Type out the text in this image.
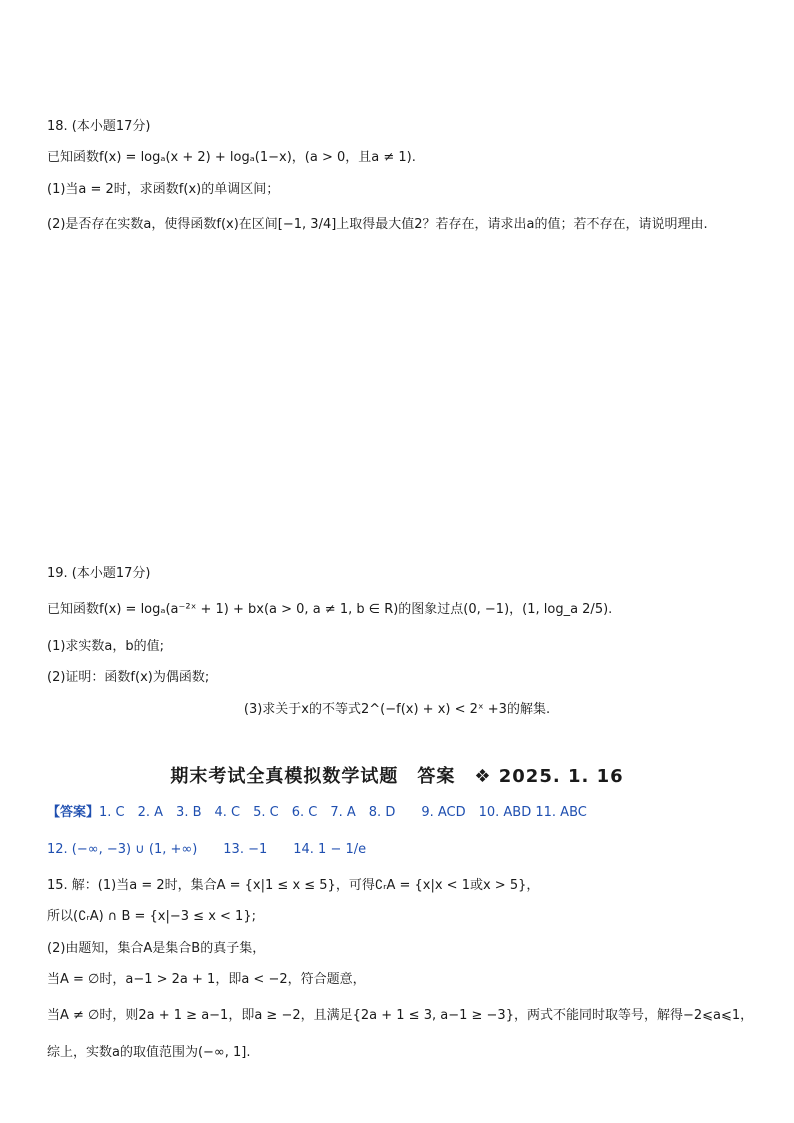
18. (本小题17分)
已知函数f(x) = logₐ(x + 2) + logₐ(1−x)，(a > 0，且a ≠ 1).
(1)当a = 2时，求函数f(x)的单调区间；
(2)是否存在实数a，使得函数f(x)在区间[−1, 3/4]上取得最大值2？若存在，请求出a的值；若不存在，请说明理由.
19. (本小题17分)
已知函数f(x) = logₐ(a⁻²ˣ + 1) + bx(a > 0, a ≠ 1, b ∈ R)的图象过点(0, −1)，(1, log_a 2/5).
(1)求实数a，b的值;
(2)证明：函数f(x)为偶函数;
(3)求关于x的不等式2^(−f(x) + x) < 2ˣ +3的解集.
期末考试全真模拟数学试题　答案　❖ 2025. 1. 16
【答案】1. C　2. A　3. B　4. C　5. C　6. C　7. A　8. D　　9. ACD　10. ABD 11. ABC
12. (−∞, −3) ∪ (1, +∞)　　13. −1　　14. 1 − 1/e
15. 解：(1)当a = 2时，集合A = {x|1 ≤ x ≤ 5}，可得∁ᵣA = {x|x < 1或x > 5}，
所以(∁ᵣA) ∩ B = {x|−3 ≤ x < 1};
(2)由题知，集合A是集合B的真子集，
当A = ∅时，a−1 > 2a + 1，即a < −2，符合题意，
当A ≠ ∅时，则2a + 1 ≥ a−1，即a ≥ −2，且满足{2a + 1 ≤ 3, a−1 ≥ −3}，两式不能同时取等号，解得−2⩽a⩽1，
综上，实数a的取值范围为(−∞, 1].
